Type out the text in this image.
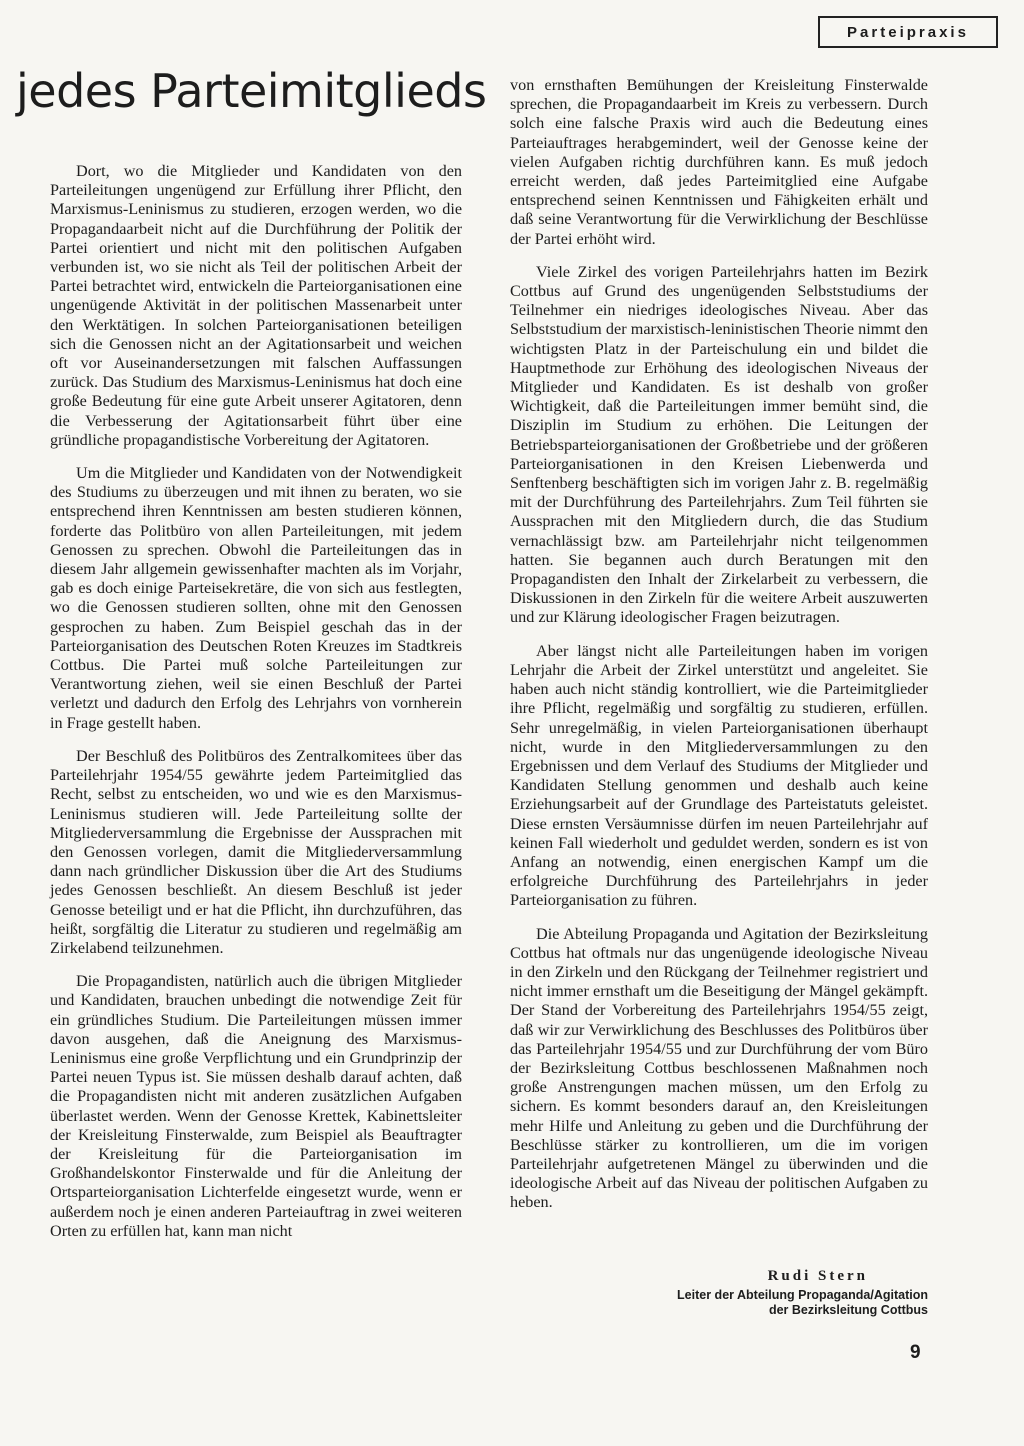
Parteipraxis
jedes Parteimitglieds

Dort, wo die Mitglieder und Kandidaten von den Parteileitungen ungenügend zur Erfüllung ihrer Pflicht, den Marxismus-Leninismus zu studieren, erzogen werden, wo die Propagandaarbeit nicht auf die Durchführung der Politik der Partei orientiert und nicht mit den politischen Aufgaben verbunden ist, wo sie nicht als Teil der politischen Arbeit der Partei betrachtet wird, entwickeln die Parteiorganisationen eine ungenügende Aktivität in der politischen Massenarbeit unter den Werktätigen. In solchen Parteiorganisationen beteiligen sich die Genossen nicht an der Agitationsarbeit und weichen oft vor Auseinandersetzungen mit falschen Auffassungen zurück. Das Studium des Marxismus-Leninismus hat doch eine große Bedeutung für eine gute Arbeit unserer Agitatoren, denn die Verbesserung der Agitationsarbeit führt über eine gründliche propagandistische Vorbereitung der Agitatoren.

Um die Mitglieder und Kandidaten von der Notwendigkeit des Studiums zu überzeugen und mit ihnen zu beraten, wo sie entsprechend ihren Kenntnissen am besten studieren können, forderte das Politbüro von allen Parteileitungen, mit jedem Genossen zu sprechen. Obwohl die Parteileitungen das in diesem Jahr allgemein gewissenhafter machten als im Vorjahr, gab es doch einige Parteisekretäre, die von sich aus festlegten, wo die Genossen studieren sollten, ohne mit den Genossen gesprochen zu haben. Zum Beispiel geschah das in der Parteiorganisation des Deutschen Roten Kreuzes im Stadtkreis Cottbus. Die Partei muß solche Parteileitungen zur Verantwortung ziehen, weil sie einen Beschluß der Partei verletzt und dadurch den Erfolg des Lehrjahrs von vornherein in Frage gestellt haben.

Der Beschluß des Politbüros des Zentralkomitees über das Parteilehrjahr 1954/55 gewährte jedem Parteimitglied das Recht, selbst zu entscheiden, wo und wie es den Marxismus-Leninismus studieren will. Jede Parteileitung sollte der Mitgliederversammlung die Ergebnisse der Aussprachen mit den Genossen vorlegen, damit die Mitgliederversammlung dann nach gründlicher Diskussion über die Art des Studiums jedes Genossen beschließt. An diesem Beschluß ist jeder Genosse beteiligt und er hat die Pflicht, ihn durchzuführen, das heißt, sorgfältig die Literatur zu studieren und regelmäßig am Zirkelabend teilzunehmen.

Die Propagandisten, natürlich auch die übrigen Mitglieder und Kandidaten, brauchen unbedingt die notwendige Zeit für ein gründliches Studium. Die Parteileitungen müssen immer davon ausgehen, daß die Aneignung des Marxismus-Leninismus eine große Verpflichtung und ein Grundprinzip der Partei neuen Typus ist. Sie müssen deshalb darauf achten, daß die Propagandisten nicht mit anderen zusätzlichen Aufgaben überlastet werden. Wenn der Genosse Krettek, Kabinettsleiter der Kreisleitung Finsterwalde, zum Beispiel als Beauftragter der Kreisleitung für die Parteiorganisation im Großhandelskontor Finsterwalde und für die Anleitung der Ortsparteiorganisation Lichterfelde eingesetzt wurde, wenn er außerdem noch je einen anderen Parteiauftrag in zwei weiteren Orten zu erfüllen hat, kann man nicht

von ernsthaften Bemühungen der Kreisleitung Finsterwalde sprechen, die Propagandaarbeit im Kreis zu verbessern. Durch solch eine falsche Praxis wird auch die Bedeutung eines Parteiauftrages herabgemindert, weil der Genosse keine der vielen Aufgaben richtig durchführen kann. Es muß jedoch erreicht werden, daß jedes Parteimitglied eine Aufgabe entsprechend seinen Kenntnissen und Fähigkeiten erhält und daß seine Verantwortung für die Verwirklichung der Beschlüsse der Partei erhöht wird.

Viele Zirkel des vorigen Parteilehrjahrs hatten im Bezirk Cottbus auf Grund des ungenügenden Selbststudiums der Teilnehmer ein niedriges ideologisches Niveau. Aber das Selbststudium der marxistisch-leninistischen Theorie nimmt den wichtigsten Platz in der Parteischulung ein und bildet die Hauptmethode zur Erhöhung des ideologischen Niveaus der Mitglieder und Kandidaten. Es ist deshalb von großer Wichtigkeit, daß die Parteileitungen immer bemüht sind, die Disziplin im Studium zu erhöhen. Die Leitungen der Betriebsparteiorganisationen der Großbetriebe und der größeren Parteiorganisationen in den Kreisen Liebenwerda und Senftenberg beschäftigten sich im vorigen Jahr z. B. regelmäßig mit der Durchführung des Parteilehrjahrs. Zum Teil führten sie Aussprachen mit den Mitgliedern durch, die das Studium vernachlässigt bzw. am Parteilehrjahr nicht teilgenommen hatten. Sie begannen auch durch Beratungen mit den Propagandisten den Inhalt der Zirkelarbeit zu verbessern, die Diskussionen in den Zirkeln für die weitere Arbeit auszuwerten und zur Klärung ideologischer Fragen beizutragen.

Aber längst nicht alle Parteileitungen haben im vorigen Lehrjahr die Arbeit der Zirkel unterstützt und angeleitet. Sie haben auch nicht ständig kontrolliert, wie die Parteimitglieder ihre Pflicht, regelmäßig und sorgfältig zu studieren, erfüllen. Sehr unregelmäßig, in vielen Parteiorganisationen überhaupt nicht, wurde in den Mitgliederversammlungen zu den Ergebnissen und dem Verlauf des Studiums der Mitglieder und Kandidaten Stellung genommen und deshalb auch keine Erziehungsarbeit auf der Grundlage des Parteistatuts geleistet. Diese ernsten Versäumnisse dürfen im neuen Parteilehrjahr auf keinen Fall wiederholt und geduldet werden, sondern es ist von Anfang an notwendig, einen energischen Kampf um die erfolgreiche Durchführung des Parteilehrjahrs in jeder Parteiorganisation zu führen.

Die Abteilung Propaganda und Agitation der Bezirksleitung Cottbus hat oftmals nur das ungenügende ideologische Niveau in den Zirkeln und den Rückgang der Teilnehmer registriert und nicht immer ernsthaft um die Beseitigung der Mängel gekämpft. Der Stand der Vorbereitung des Parteilehrjahrs 1954/55 zeigt, daß wir zur Verwirklichung des Beschlusses des Politbüros über das Parteilehrjahr 1954/55 und zur Durchführung der vom Büro der Bezirksleitung Cottbus beschlossenen Maßnahmen noch große Anstrengungen machen müssen, um den Erfolg zu sichern. Es kommt besonders darauf an, den Kreisleitungen mehr Hilfe und Anleitung zu geben und die Durchführung der Beschlüsse stärker zu kontrollieren, um die im vorigen Parteilehrjahr aufgetretenen Mängel zu überwinden und die ideologische Arbeit auf das Niveau der politischen Aufgaben zu heben.

Rudi Stern
Leiter der Abteilung Propaganda/Agitation
der Bezirksleitung Cottbus
9
